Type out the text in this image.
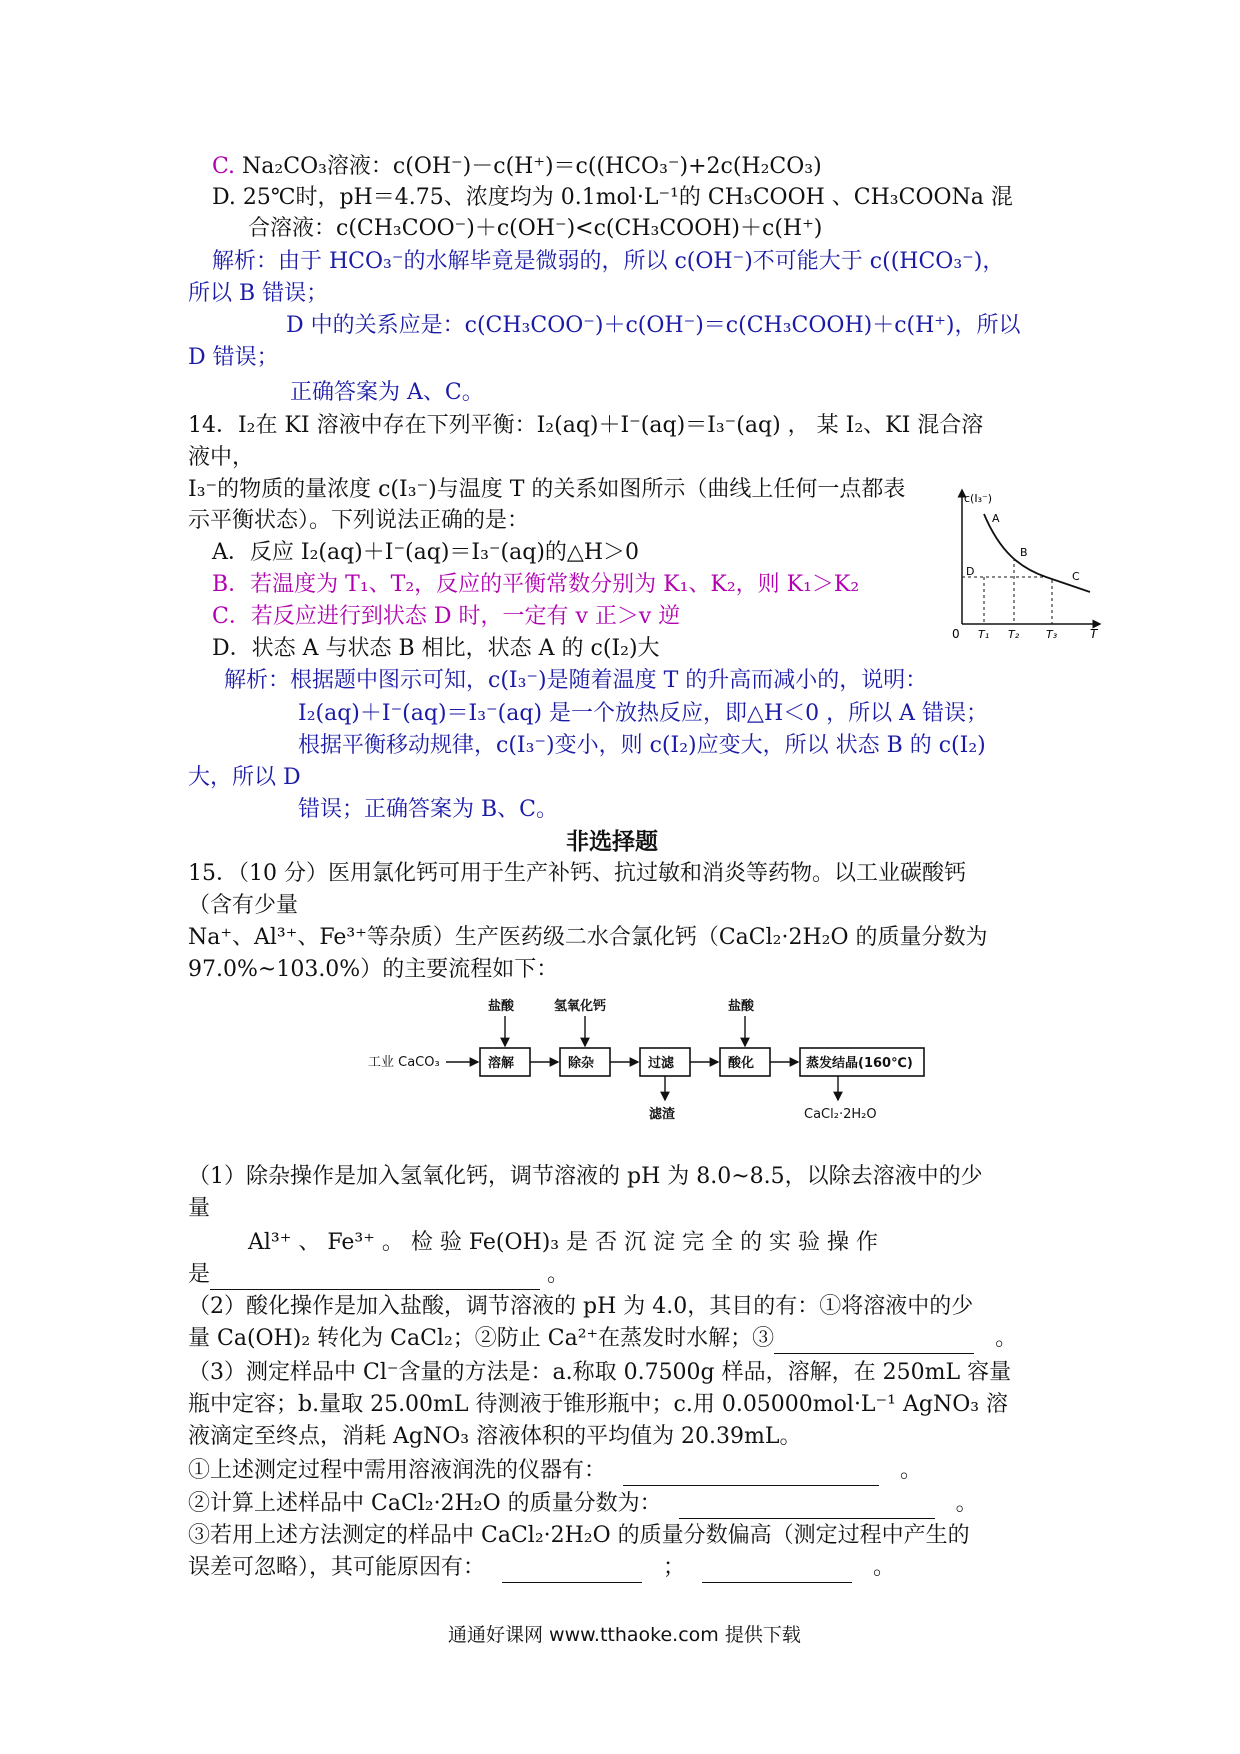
C. Na₂CO₃溶液：c(OH⁻)－c(H⁺)＝c((HCO₃⁻)+2c(H₂CO₃)
D. 25℃时，pH＝4.75、浓度均为 0.1mol·L⁻¹的 CH₃COOH 、CH₃COONa 混
合溶液：c(CH₃COO⁻)＋c(OH⁻)<c(CH₃COOH)＋c(H⁺)
解析：由于 HCO₃⁻的水解毕竟是微弱的，所以 c(OH⁻)不可能大于 c((HCO₃⁻)，
所以 B 错误；
D 中的关系应是：c(CH₃COO⁻)＋c(OH⁻)＝c(CH₃COOH)＋c(H⁺)，所以
D 错误；
正确答案为 A、C。
14．I₂在 KI 溶液中存在下列平衡：I₂(aq)＋I⁻(aq)＝I₃⁻(aq) ， 某 I₂、KI 混合溶
液中，
I₃⁻的物质的量浓度 c(I₃⁻)与温度 T 的关系如图所示（曲线上任何一点都表
示平衡状态）。下列说法正确的是：
A．反应 I₂(aq)＋I⁻(aq)＝I₃⁻(aq)的△H＞0
B．若温度为 T₁、T₂，反应的平衡常数分别为 K₁、K₂，则 K₁＞K₂
C．若反应进行到状态 D 时，一定有 v 正＞v 逆
D．状态 A 与状态 B 相比，状态 A 的 c(I₂)大
c(I₃⁻)
A
B
C
D
0 T₁ T₂ T₃	T
解析：根据题中图示可知，c(I₃⁻)是随着温度 T 的升高而减小的，说明：
I₂(aq)＋I⁻(aq)＝I₃⁻(aq) 是一个放热反应，即△H＜0 ，所以 A 错误；
根据平衡移动规律，c(I₃⁻)变小，则 c(I₂)应变大，所以 状态 B 的 c(I₂)
大，所以 D
错误；正确答案为 B、C。
非选择题
15．（10 分）医用氯化钙可用于生产补钙、抗过敏和消炎等药物。以工业碳酸钙
（含有少量
Na⁺、Al³⁺、Fe³⁺等杂质）生产医药级二水合氯化钙（CaCl₂·2H₂O 的质量分数为
97.0%~103.0%）的主要流程如下：
工业 CaCO₃	溶解	除杂	过滤	酸化	蒸发结晶(160℃)
盐酸	氢氧化钙	盐酸
滤渣	CaCl₂·2H₂O
（1）除杂操作是加入氢氧化钙，调节溶液的 pH 为 8.0~8.5，以除去溶液中的少
量
Al³⁺ 、 Fe³⁺ 。 检 验 Fe(OH)₃ 是 否 沉 淀 完 全 的 实 验 操 作
是	。
（2）酸化操作是加入盐酸，调节溶液的 pH 为 4.0，其目的有：①将溶液中的少
量 Ca(OH)₂ 转化为 CaCl₂；②防止 Ca²⁺在蒸发时水解；③	。
（3）测定样品中 Cl⁻含量的方法是：a.称取 0.7500g 样品，溶解，在 250mL 容量
瓶中定容；b.量取 25.00mL 待测液于锥形瓶中；c.用 0.05000mol·L⁻¹ AgNO₃ 溶
液滴定至终点，消耗 AgNO₃ 溶液体积的平均值为 20.39mL。
①上述测定过程中需用溶液润洗的仪器有：	。
②计算上述样品中 CaCl₂·2H₂O 的质量分数为：	。
③若用上述方法测定的样品中 CaCl₂·2H₂O 的质量分数偏高（测定过程中产生的
误差可忽略），其可能原因有：	；	。
通通好课网 www.tthaoke.com 提供下载
